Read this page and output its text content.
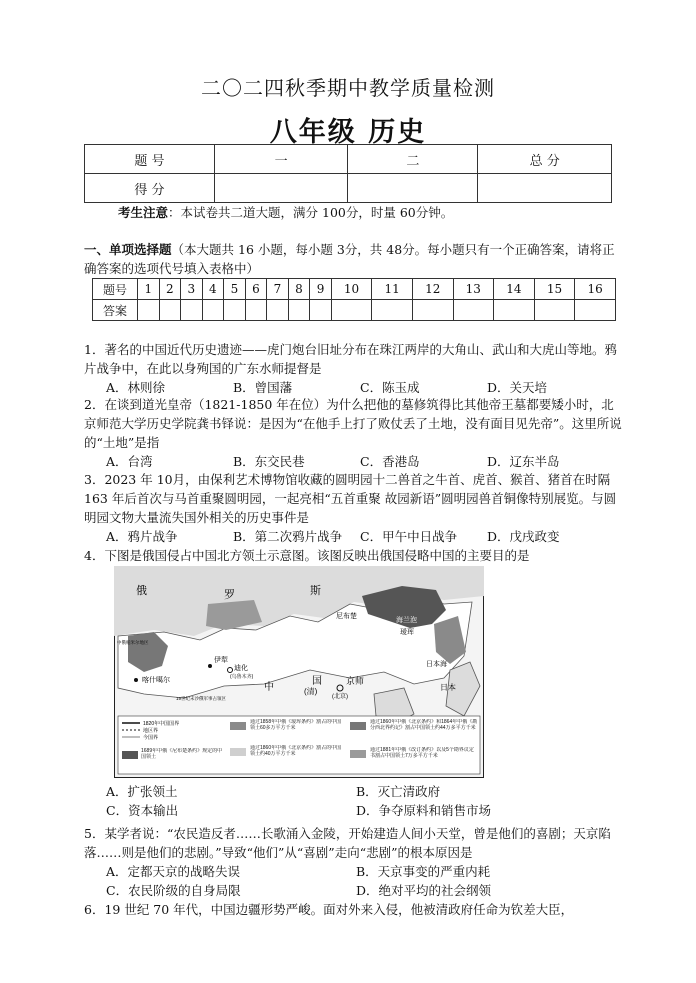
二〇二四秋季期中教学质量检测
八年级 历史
题 号	一	二	总 分
得 分			
考生注意：本试卷共二道大题，满分 100分，时量 60分钟。
一、单项选择题（本大题共 16 小题，每小题 3分，共 48分。每小题只有一个正确答案，请将正确答案的选项代号填入表格中）
题号	1	2	3	4	5	6	7	8	9	10	11	12	13	14	15	16
答案																
1．著名的中国近代历史遗迹——虎门炮台旧址分布在珠江两岸的大角山、武山和大虎山等地。鸦片战争中，在此以身殉国的广东水师提督是
A．林则徐	B．曾国藩	C．陈玉成	D．关天培
2．在谈到道光皇帝（1821-1850 年在位）为什么把他的墓修筑得比其他帝王墓都要矮小时，北京师范大学历史学院龚书铎说：是因为“在他手上打了败仗丢了土地，没有面目见先帝”。这里所说的“土地”是指
A．台湾	B．东交民巷	C．香港岛	D．辽东半岛
3．2023 年 10月，由保利艺术博物馆收藏的圆明园十二兽首之牛首、虎首、猴首、猪首在时隔 163 年后首次与马首重聚圆明园，一起亮相“五首重聚 故园新语”圆明园兽首铜像特别展览。与圆明园文物大量流失国外相关的历史事件是
A．鸦片战争	B．第二次鸦片战争	C．甲午中日战争	D．戊戌政变
4．下图是俄国侵占中国北方领土示意图。该图反映出俄国侵略中国的主要目的是
俄	罗	斯
尼布楚
海兰泡
瑷珲
伊犁
迪化
(乌鲁木齐)
喀什噶尔
中	(清)
国	京师
(北京)
日本
日本海
19世纪末沙俄军事占领区
中俄帕米尔地区
1820年中国国界
地区界
今国界
1689年中俄《尼布楚条约》规定的中国领土
通过1858年中俄《瑷珲条约》割占的中国领土60多万平方千米
通过1860年中俄《北京条约》割占的中国领土约40万平方千米
通过1860年中俄《北京条约》和1864年中俄《勘分西北界约记》割占中国领土约44万多平方千米
通过1881年中俄《改订条约》以及5个勘界议定书割占中国领土7万多平方千米
A．扩张领土	B．灭亡清政府
C．资本输出	D．争夺原料和销售市场
5．某学者说：“农民造反者……长歌涌入金陵，开始建造人间小天堂，曾是他们的喜剧；天京陷落……则是他们的悲剧。”导致“他们”从“喜剧”走向“悲剧”的根本原因是
A．定都天京的战略失误	B．天京事变的严重内耗
C．农民阶级的自身局限	D．绝对平均的社会纲领
6．19 世纪 70 年代，中国边疆形势严峻。面对外来入侵，他被清政府任命为钦差大臣，
